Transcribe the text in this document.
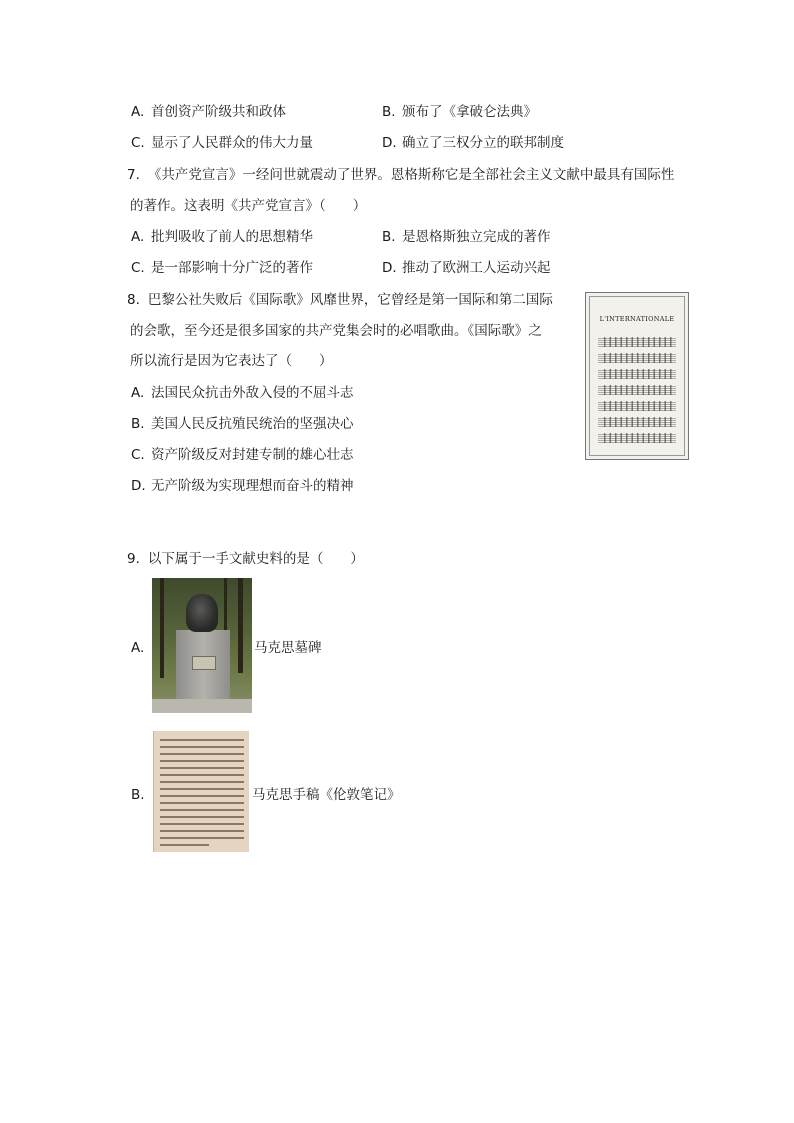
A. 首创资产阶级共和政体	B. 颁布了《拿破仑法典》
C. 显示了人民群众的伟大力量	D. 确立了三权分立的联邦制度
7. 《共产党宣言》一经问世就震动了世界。恩格斯称它是全部社会主义文献中最具有国际性
的著作。这表明《共产党宣言》（　　）
A. 批判吸收了前人的思想精华	B. 是恩格斯独立完成的著作
C. 是一部影响十分广泛的著作	D. 推动了欧洲工人运动兴起
8. 巴黎公社失败后《国际歌》风靡世界，它曾经是第一国际和第二国际
的会歌，至今还是很多国家的共产党集会时的必唱歌曲。《国际歌》之
所以流行是因为它表达了（　　）
A. 法国民众抗击外敌入侵的不屈斗志
B. 美国人民反抗殖民统治的坚强决心
C. 资产阶级反对封建专制的雄心壮志
D. 无产阶级为实现理想而奋斗的精神
L'INTERNATIONALE
9. 以下属于一手文献史料的是（　　）
A.	马克思墓碑
B.	马克思手稿《伦敦笔记》
